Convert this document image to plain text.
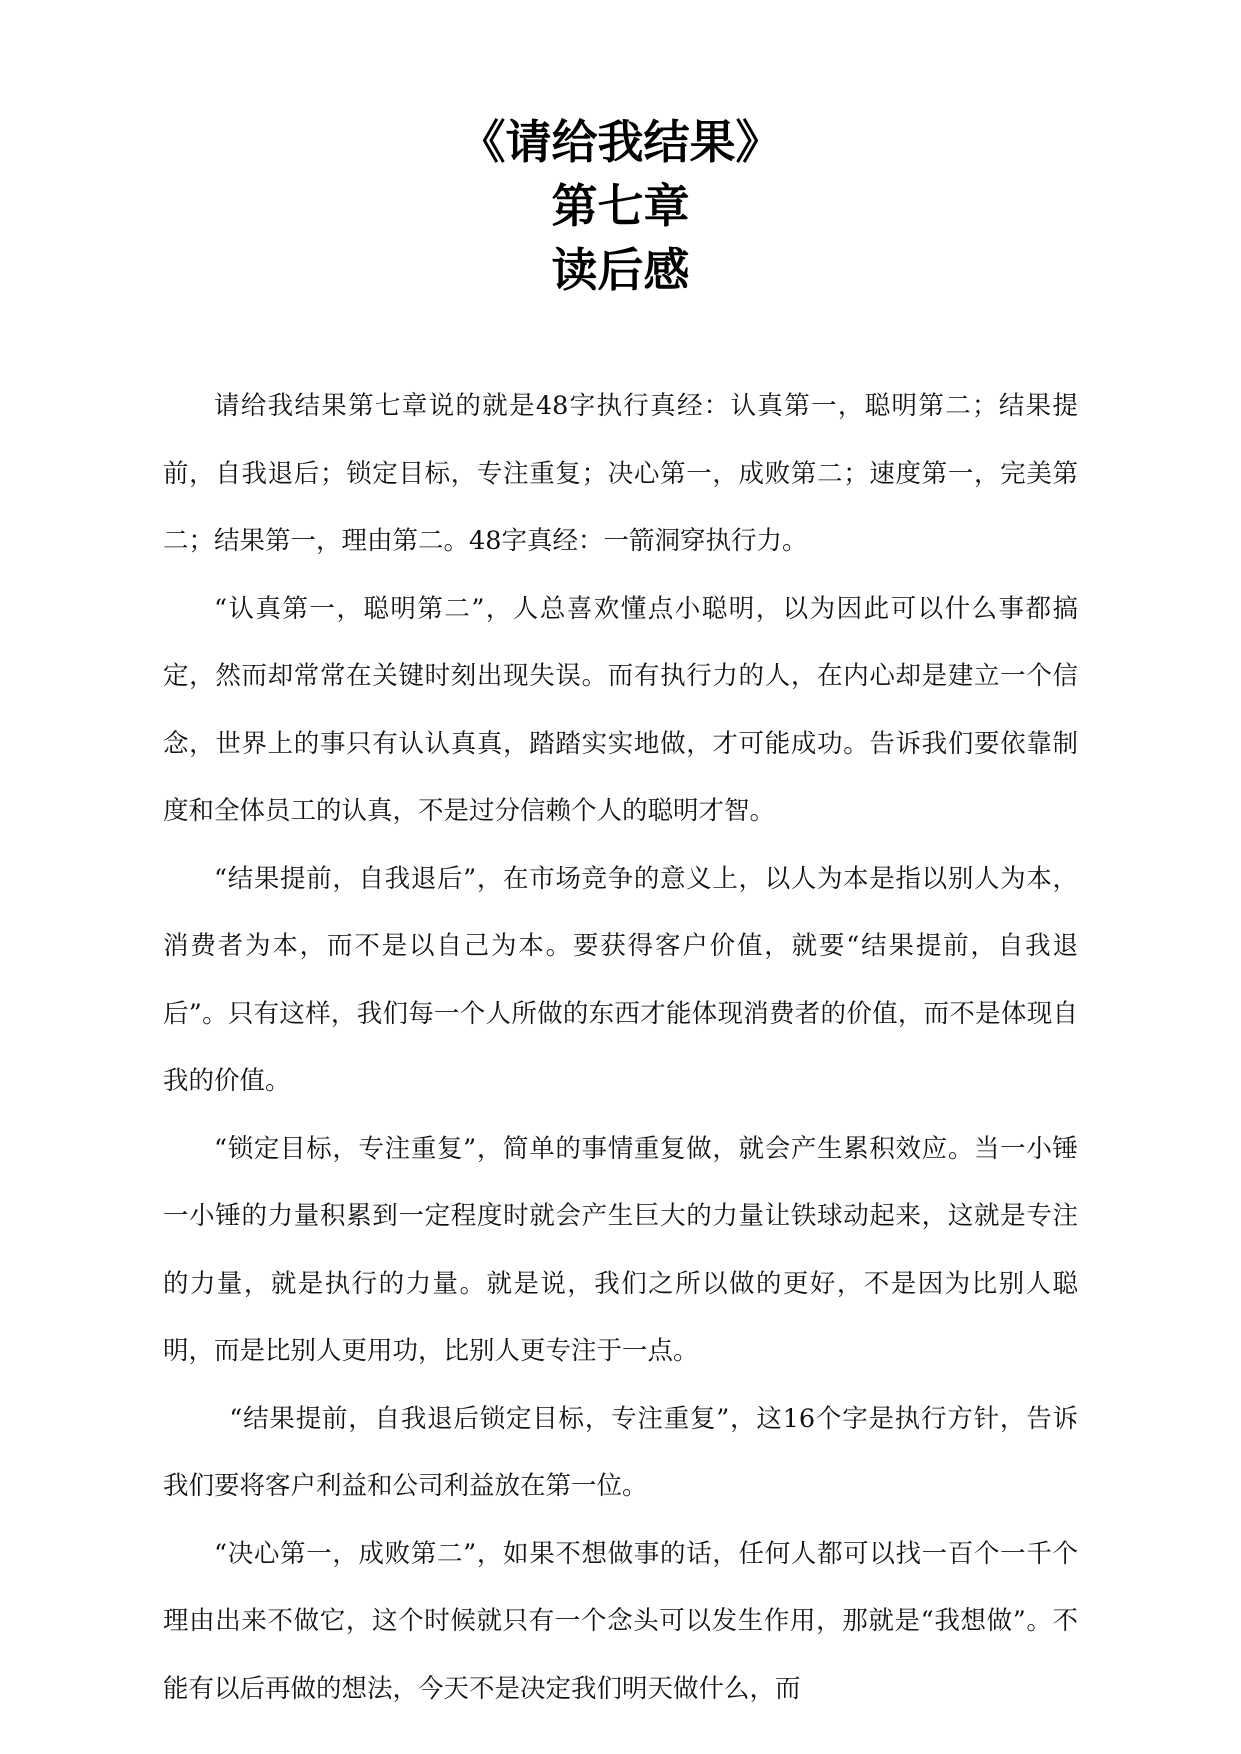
《请给我结果》
第七章
读后感

请给我结果第七章说的就是48字执行真经：认真第一，聪明第二；结果提前，自我退后；锁定目标，专注重复；决心第一，成败第二；速度第一，完美第二；结果第一，理由第二。48字真经：一箭洞穿执行力。

“认真第一，聪明第二”，人总喜欢懂点小聪明，以为因此可以什么事都搞定，然而却常常在关键时刻出现失误。而有执行力的人，在内心却是建立一个信念，世界上的事只有认认真真，踏踏实实地做，才可能成功。告诉我们要依靠制度和全体员工的认真，不是过分信赖个人的聪明才智。

“结果提前，自我退后”，在市场竞争的意义上，以人为本是指以别人为本，消费者为本，而不是以自己为本。要获得客户价值，就要“结果提前，自我退后”。只有这样，我们每一个人所做的东西才能体现消费者的价值，而不是体现自我的价值。

“锁定目标，专注重复”，简单的事情重复做，就会产生累积效应。当一小锤一小锤的力量积累到一定程度时就会产生巨大的力量让铁球动起来，这就是专注的力量，就是执行的力量。就是说，我们之所以做的更好，不是因为比别人聪明，而是比别人更用功，比别人更专注于一点。

“结果提前，自我退后锁定目标，专注重复”，这16个字是执行方针，告诉我们要将客户利益和公司利益放在第一位。

“决心第一，成败第二”，如果不想做事的话，任何人都可以找一百个一千个理由出来不做它，这个时候就只有一个念头可以发生作用，那就是“我想做”。不能有以后再做的想法，今天不是决定我们明天做什么，而
